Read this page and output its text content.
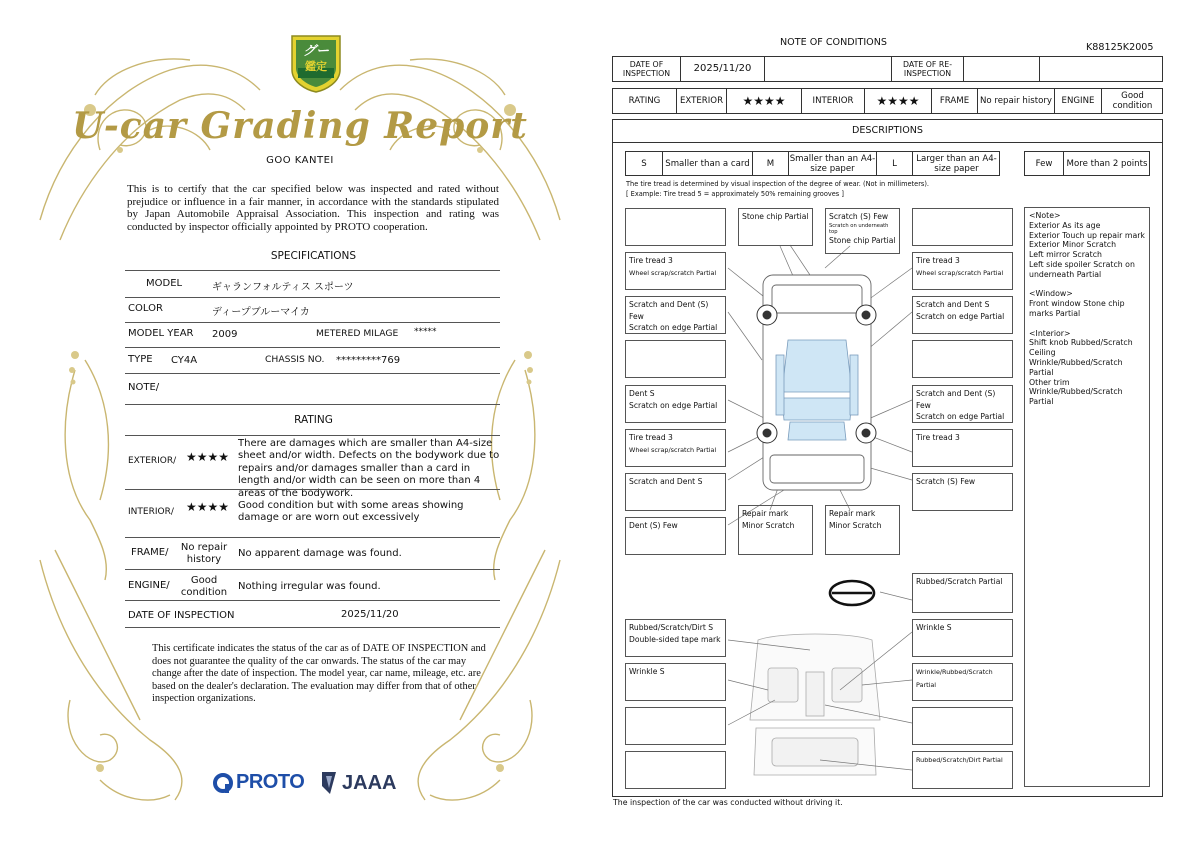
グー
鑑定
U-car Grading Report
GOO KANTEI
This is to certify that the car specified below was inspected and rated without prejudice or influence in a fair manner, in accordance with the standards stipulated by Japan Automobile Appraisal Association. This inspection and rating was conducted by inspector officially appointed by PROTO cooperation.
SPECIFICATIONS
MODEL	ギャランフォルティス スポーツ
COLOR	ディープブルーマイカ
MODEL YEAR 2009	METERED MILAGE *****
TYPE CY4A	CHASSIS NO. *********769
NOTE/
RATING
EXTERIOR/ ★★★★
There are damages which are smaller than A4-size sheet and/or width. Defects on the bodywork due to repairs and/or damages smaller than a card in length and/or width can be seen on more than 4 areas of the bodywork.
INTERIOR/ ★★★★ Good condition but with some areas showing damage or are worn out excessively
FRAME/	No repair history
No apparent damage was found.
ENGINE/	Good condition
Nothing irregular was found.
DATE OF INSPECTION	2025/11/20
This certificate indicates the status of the car as of DATE OF INSPECTION and does not guarantee the quality of the car onwards. The status of the car may change after the date of inspection. The model year, car name, mileage, etc. are based on the dealer's declaration. The evaluation may differ from that of other inspection organizations.
PROTO JAAA
NOTE OF CONDITIONS	K88125K2005
DATE OF INSPECTION	2025/11/20	DATE OF RE-INSPECTION
RATING	EXTERIOR	★★★★	INTERIOR	★★★★	FRAME	No repair history	ENGINE	Good condition
DESCRIPTIONS
S	Smaller than a card	M	Smaller than an A4-size paper	L	Larger than an A4-size paper	Few	More than 2 points
The tire tread is determined by visual inspection of the degree of wear. (Not in millimeters).
[ Example: Tire tread 5 = approximately 50% remaining grooves ]
Stone chip Partial	Scratch (S) Few
Scratch on underneath top
Stone chip Partial
Tire tread 3
Wheel scrap/scratch Partial
Tire tread 3
Wheel scrap/scratch Partial
Scratch and Dent (S) Few
Scratch on edge Partial
Scratch and Dent S
Scratch on edge Partial
Dent S
Scratch on edge Partial
Scratch and Dent (S) Few
Scratch on edge Partial
Tire tread 3
Wheel scrap/scratch Partial
Tire tread 3
Scratch and Dent S	Scratch (S) Few
Dent (S) Few
Repair mark
Minor Scratch
Repair mark
Minor Scratch
Rubbed/Scratch Partial
Rubbed/Scratch/Dirt S
Double-sided tape mark
Wrinkle S
Wrinkle S	Wrinkle/Rubbed/Scratch Partial
Rubbed/Scratch/Dirt Partial
<Note>
Exterior As its age
Exterior Touch up repair mark
Exterior Minor Scratch
Left mirror Scratch
Left side spoiler Scratch on underneath Partial

<Window>
Front window Stone chip marks Partial

<Interior>
Shift knob Rubbed/Scratch
Ceiling
Wrinkle/Rubbed/Scratch
Partial
Other trim
Wrinkle/Rubbed/Scratch
Partial
The inspection of the car was conducted without driving it.
